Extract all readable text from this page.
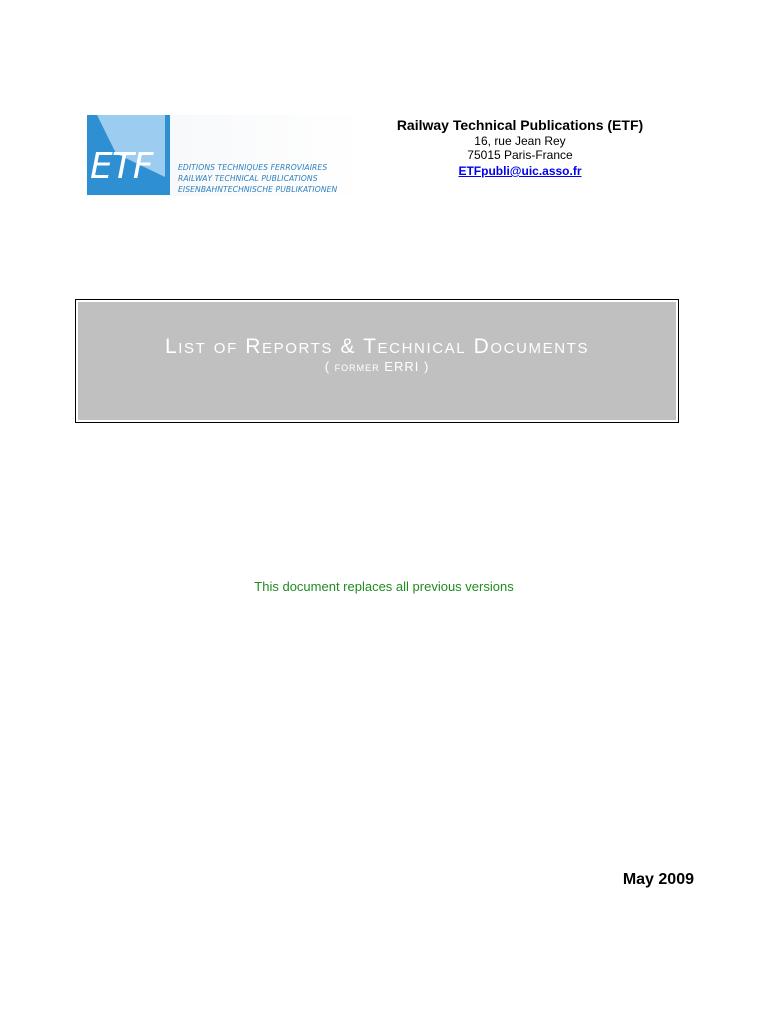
ETF	EDITIONS TECHNIQUES FERROVIAIRES
RAILWAY TECHNICAL PUBLICATIONS
EISENBAHNTECHNISCHE PUBLIKATIONEN
Railway Technical Publications (ETF)
16, rue Jean Rey
75015 Paris-France
ETFpubli@uic.asso.fr
List of Reports & Technical Documents
( former ERRI )
This document replaces all previous versions
May 2009
